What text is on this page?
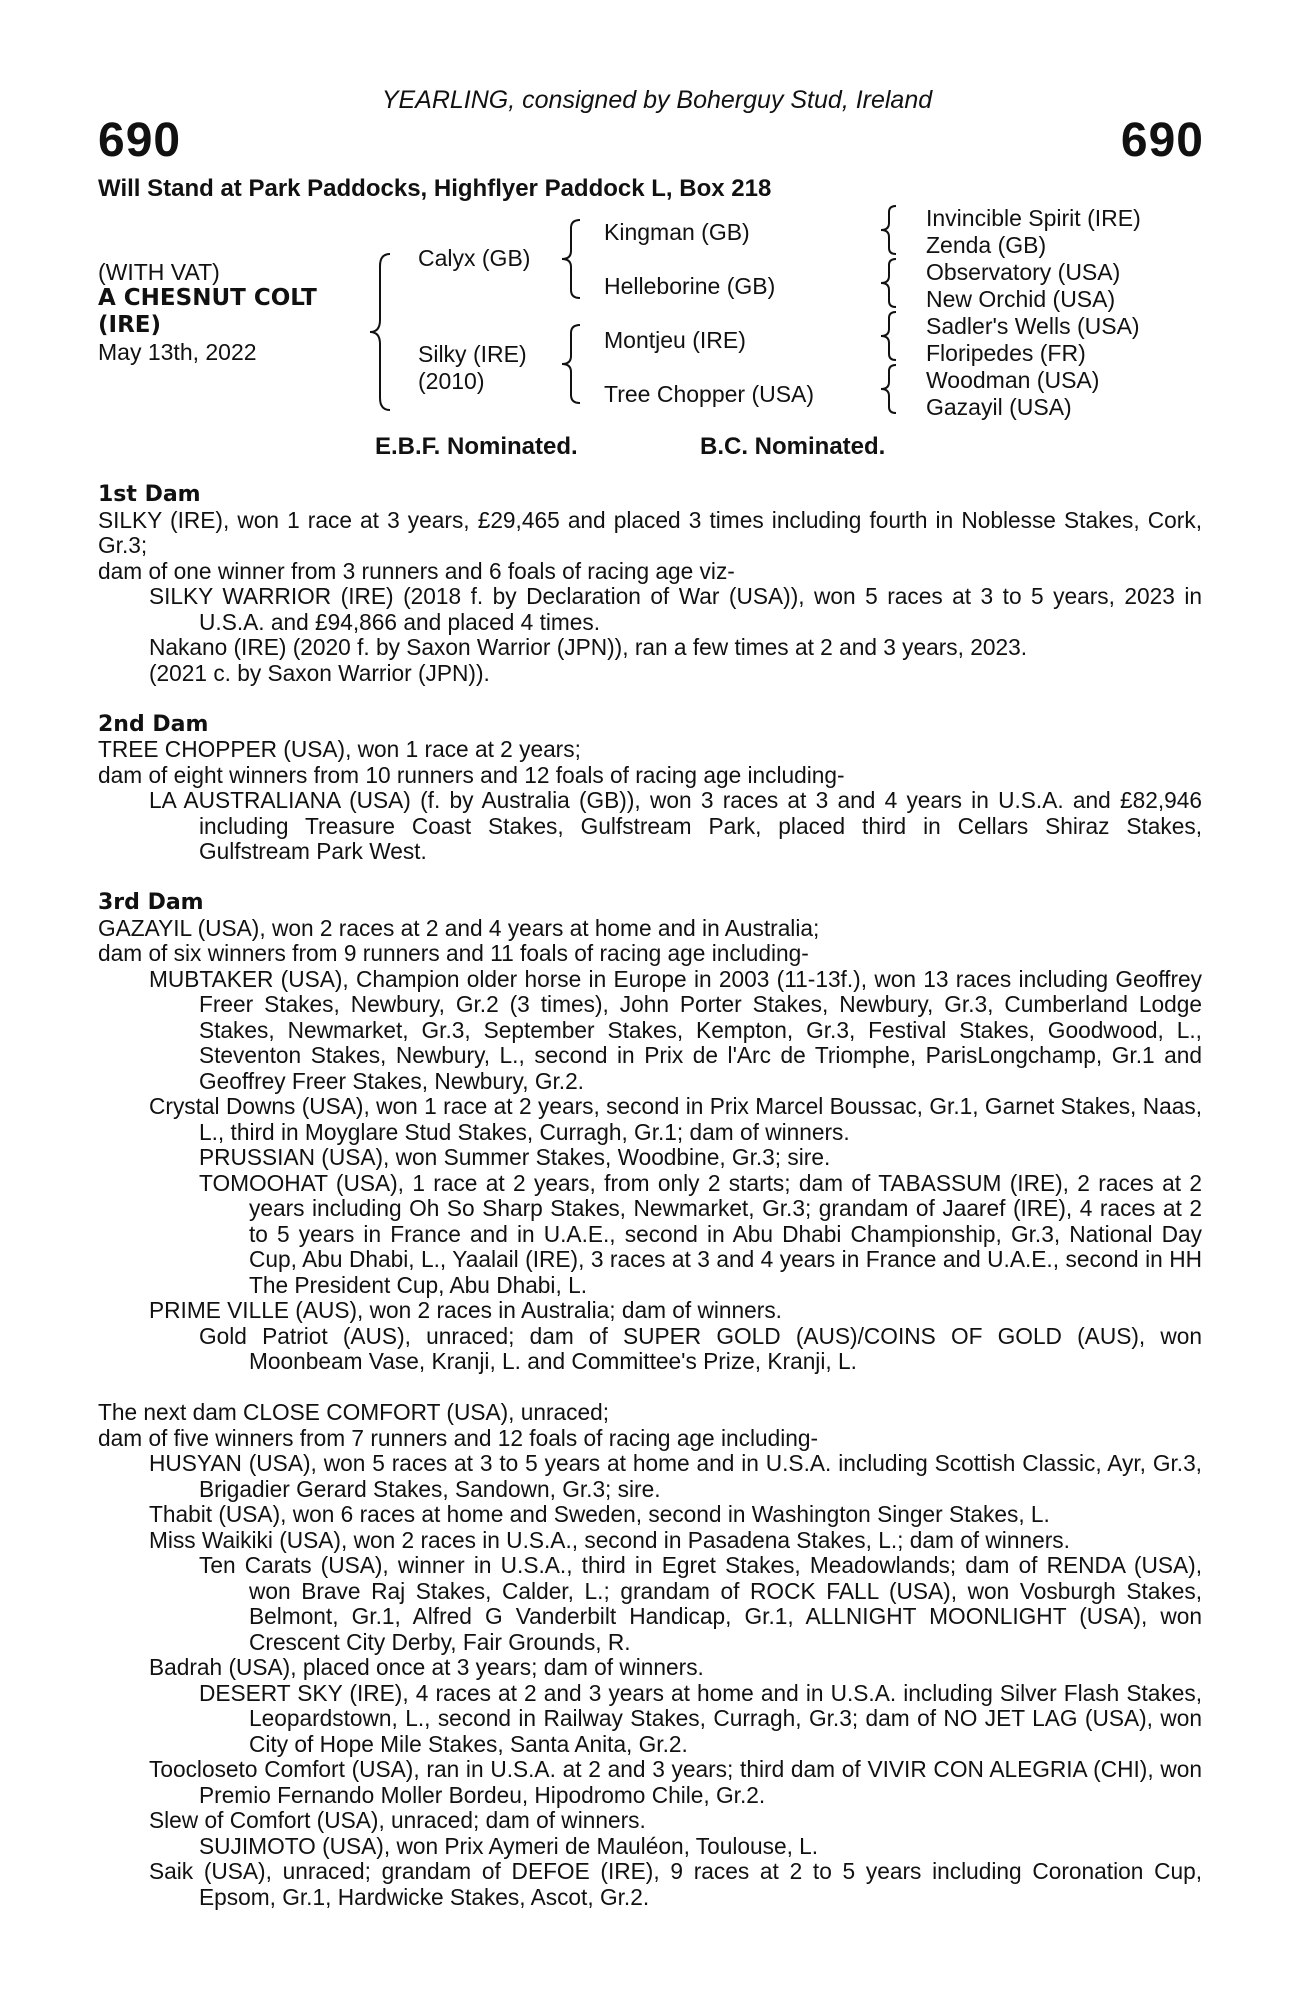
YEARLING, consigned by Boherguy Stud, Ireland
690	690
Will Stand at Park Paddocks, Highflyer Paddock L, Box 218
(WITH VAT)
A CHESNUT COLT
(IRE)
May 13th, 2022
Calyx (GB)
Silky (IRE)
(2010)
Kingman (GB)
Helleborine (GB)
Montjeu (IRE)
Tree Chopper (USA)
Invincible Spirit (IRE)
Zenda (GB)
Observatory (USA)
New Orchid (USA)
Sadler's Wells (USA)
Floripedes (FR)
Woodman (USA)
Gazayil (USA)
E.B.F. Nominated.	B.C. Nominated.

1st Dam

SILKY (IRE), won 1 race at 3 years, £29,465 and placed 3 times including fourth in Noblesse Stakes, Cork, Gr.3;

dam of one winner from 3 runners and 6 foals of racing age viz-

SILKY WARRIOR (IRE) (2018 f. by Declaration of War (USA)), won 5 races at 3 to 5 years, 2023 in U.S.A. and £94,866 and placed 4 times.

Nakano (IRE) (2020 f. by Saxon Warrior (JPN)), ran a few times at 2 and 3 years, 2023.

(2021 c. by Saxon Warrior (JPN)).

2nd Dam

TREE CHOPPER (USA), won 1 race at 2 years;

dam of eight winners from 10 runners and 12 foals of racing age including-

LA AUSTRALIANA (USA) (f. by Australia (GB)), won 3 races at 3 and 4 years in U.S.A. and £82,946 including Treasure Coast Stakes, Gulfstream Park, placed third in Cellars Shiraz Stakes, Gulfstream Park West.

3rd Dam

GAZAYIL (USA), won 2 races at 2 and 4 years at home and in Australia;

dam of six winners from 9 runners and 11 foals of racing age including-

MUBTAKER (USA), Champion older horse in Europe in 2003 (11-13f.), won 13 races including Geoffrey Freer Stakes, Newbury, Gr.2 (3 times), John Porter Stakes, Newbury, Gr.3, Cumberland Lodge Stakes, Newmarket, Gr.3, September Stakes, Kempton, Gr.3, Festival Stakes, Goodwood, L., Steventon Stakes, Newbury, L., second in Prix de l'Arc de Triomphe, ParisLongchamp, Gr.1 and Geoffrey Freer Stakes, Newbury, Gr.2.

Crystal Downs (USA), won 1 race at 2 years, second in Prix Marcel Boussac, Gr.1, Garnet Stakes, Naas, L., third in Moyglare Stud Stakes, Curragh, Gr.1; dam of winners.

PRUSSIAN (USA), won Summer Stakes, Woodbine, Gr.3; sire.

TOMOOHAT (USA), 1 race at 2 years, from only 2 starts; dam of TABASSUM (IRE), 2 races at 2 years including Oh So Sharp Stakes, Newmarket, Gr.3; grandam of Jaaref (IRE), 4 races at 2 to 5 years in France and in U.A.E., second in Abu Dhabi Championship, Gr.3, National Day Cup, Abu Dhabi, L., Yaalail (IRE), 3 races at 3 and 4 years in France and U.A.E., second in HH The President Cup, Abu Dhabi, L.

PRIME VILLE (AUS), won 2 races in Australia; dam of winners.

Gold Patriot (AUS), unraced; dam of SUPER GOLD (AUS)/COINS OF GOLD (AUS), won Moonbeam Vase, Kranji, L. and Committee's Prize, Kranji, L.

The next dam CLOSE COMFORT (USA), unraced;

dam of five winners from 7 runners and 12 foals of racing age including-

HUSYAN (USA), won 5 races at 3 to 5 years at home and in U.S.A. including Scottish Classic, Ayr, Gr.3, Brigadier Gerard Stakes, Sandown, Gr.3; sire.

Thabit (USA), won 6 races at home and Sweden, second in Washington Singer Stakes, L.

Miss Waikiki (USA), won 2 races in U.S.A., second in Pasadena Stakes, L.; dam of winners.

Ten Carats (USA), winner in U.S.A., third in Egret Stakes, Meadowlands; dam of RENDA (USA), won Brave Raj Stakes, Calder, L.; grandam of ROCK FALL (USA), won Vosburgh Stakes, Belmont, Gr.1, Alfred G Vanderbilt Handicap, Gr.1, ALLNIGHT MOONLIGHT (USA), won Crescent City Derby, Fair Grounds, R.

Badrah (USA), placed once at 3 years; dam of winners.

DESERT SKY (IRE), 4 races at 2 and 3 years at home and in U.S.A. including Silver Flash Stakes, Leopardstown, L., second in Railway Stakes, Curragh, Gr.3; dam of NO JET LAG (USA), won City of Hope Mile Stakes, Santa Anita, Gr.2.

Toocloseto Comfort (USA), ran in U.S.A. at 2 and 3 years; third dam of VIVIR CON ALEGRIA (CHI), won Premio Fernando Moller Bordeu, Hipodromo Chile, Gr.2.

Slew of Comfort (USA), unraced; dam of winners.

SUJIMOTO (USA), won Prix Aymeri de Mauléon, Toulouse, L.

Saik (USA), unraced; grandam of DEFOE (IRE), 9 races at 2 to 5 years including Coronation Cup, Epsom, Gr.1, Hardwicke Stakes, Ascot, Gr.2.
